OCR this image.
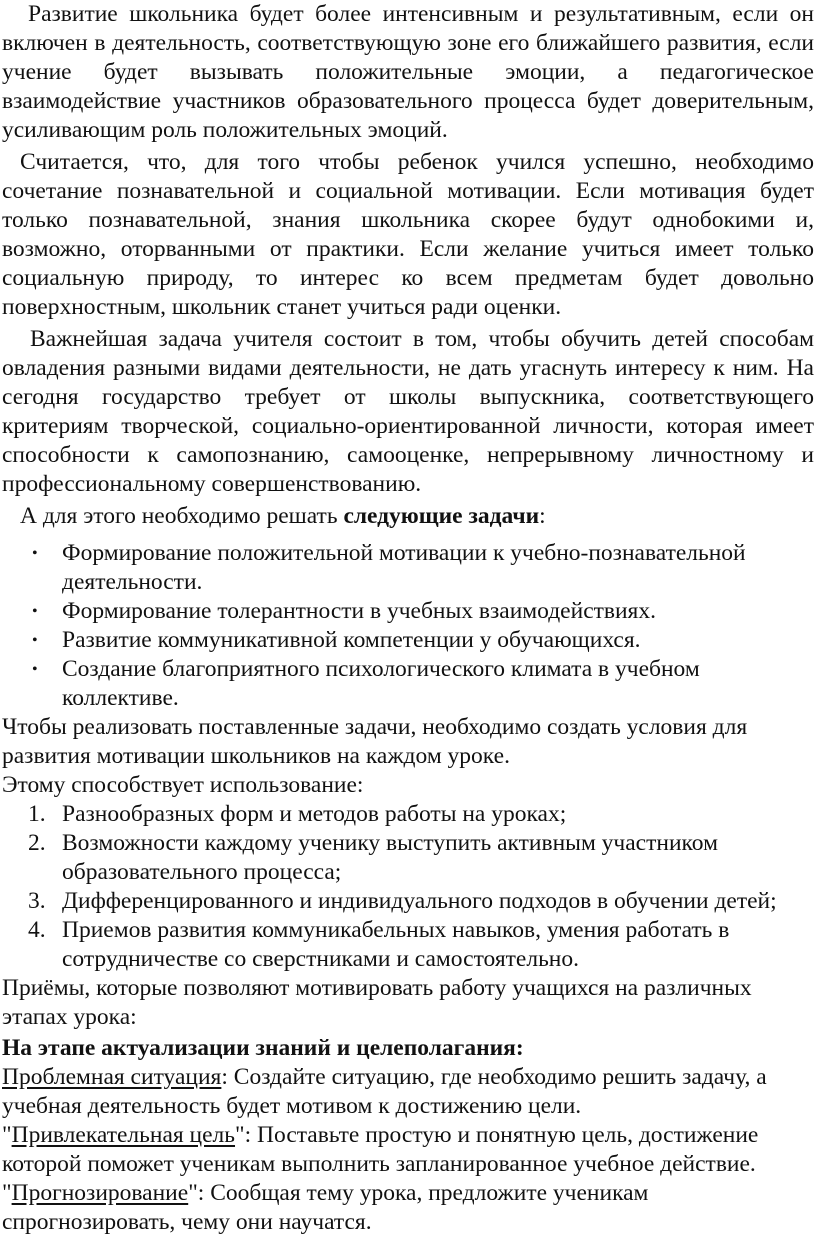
Развитие школьника будет более интенсивным и результативным, если он включен в деятельность, соответствующую зоне его ближайшего развития, если учение будет вызывать положительные эмоции, а педагогическое взаимодействие участников образовательного процесса будет доверительным, усиливающим роль положительных эмоций.

Считается, что, для того чтобы ребенок учился успешно, необходимо сочетание познавательной и социальной мотивации. Если мотивация будет только познавательной, знания школьника скорее будут однобокими и, возможно, оторванными от практики. Если желание учиться имеет только социальную природу, то интерес ко всем предметам будет довольно поверхностным, школьник станет учиться ради оценки.

Важнейшая задача учителя состоит в том, чтобы обучить детей способам овладения разными видами деятельности, не дать угаснуть интересу к ним. На сегодня государство требует от школы выпускника, соответствующего критериям творческой, социально-ориентированной личности, которая имеет способности к самопознанию, самооценке, непрерывному личностному и профессиональному совершенствованию.

А для этого необходимо решать следующие задачи:

• Формирование положительной мотивации к учебно-познавательной деятельности.
• Формирование толерантности в учебных взаимодействиях.
• Развитие коммуникативной компетенции у обучающихся.
• Создание благоприятного психологического климата в учебном коллективе.

Чтобы реализовать поставленные задачи, необходимо создать условия для развития мотивации школьников на каждом уроке.

Этому способствует использование:

1. Разнообразных форм и методов работы на уроках;
2. Возможности каждому ученику выступить активным участником образовательного процесса;
3. Дифференцированного и индивидуального подходов в обучении детей;
4. Приемов развития коммуникабельных навыков, умения работать в сотрудничестве со сверстниками и самостоятельно.

Приёмы, которые позволяют мотивировать работу учащихся на различных этапах урока:

На этапе актуализации знаний и целеполагания:

Проблемная ситуация: Создайте ситуацию, где необходимо решить задачу, а учебная деятельность будет мотивом к достижению цели.

"Привлекательная цель": Поставьте простую и понятную цель, достижение которой поможет ученикам выполнить запланированное учебное действие.

"Прогнозирование": Сообщая тему урока, предложите ученикам спрогнозировать, чему они научатся.
